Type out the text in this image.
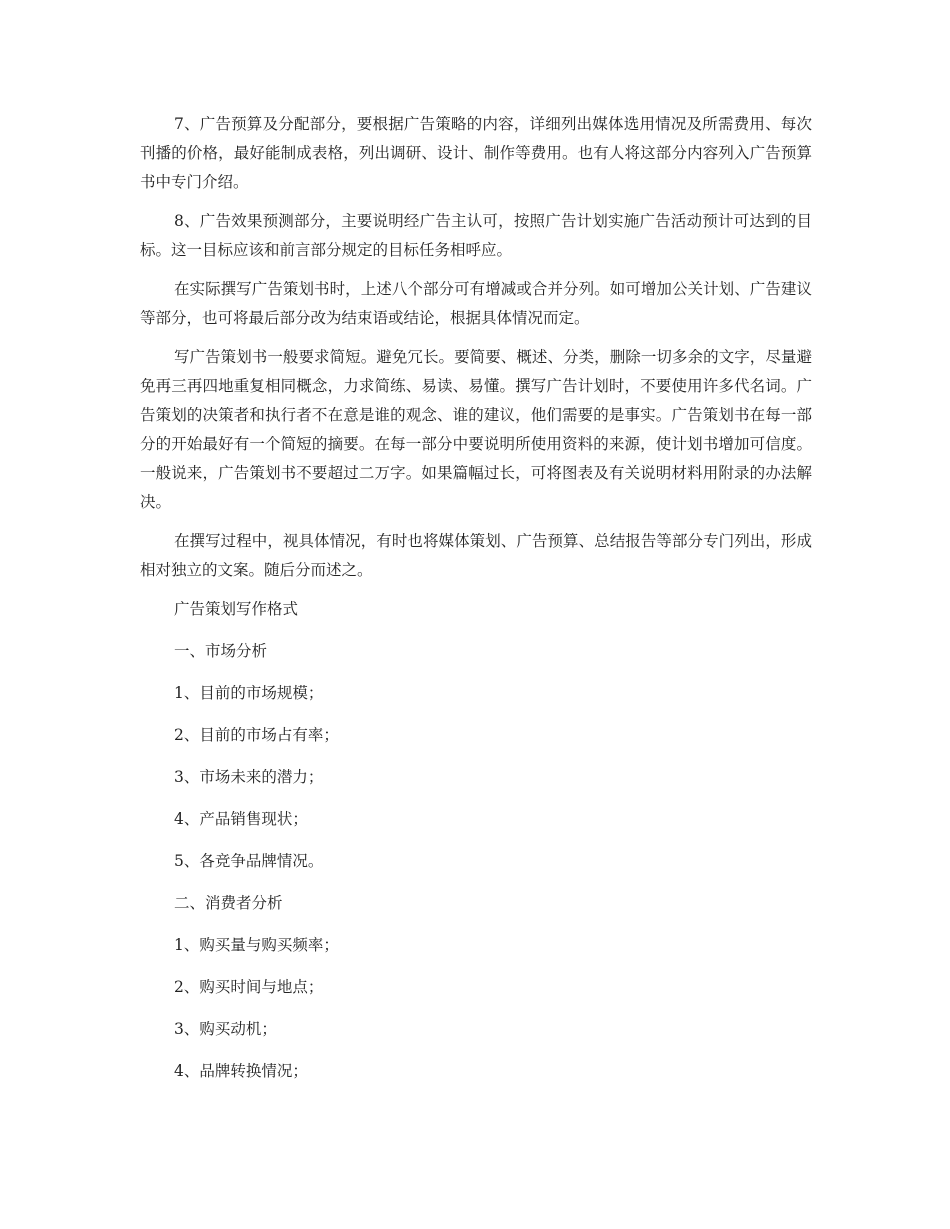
7、广告预算及分配部分，要根据广告策略的内容，详细列出媒体选用情况及所需费用、每次刊播的价格，最好能制成表格，列出调研、设计、制作等费用。也有人将这部分内容列入广告预算书中专门介绍。

8、广告效果预测部分，主要说明经广告主认可，按照广告计划实施广告活动预计可达到的目标。这一目标应该和前言部分规定的目标任务相呼应。

在实际撰写广告策划书时，上述八个部分可有增减或合并分列。如可增加公关计划、广告建议等部分，也可将最后部分改为结束语或结论，根据具体情况而定。

写广告策划书一般要求简短。避免冗长。要简要、概述、分类，删除一切多余的文字，尽量避免再三再四地重复相同概念，力求简练、易读、易懂。撰写广告计划时，不要使用许多代名词。广告策划的决策者和执行者不在意是谁的观念、谁的建议，他们需要的是事实。广告策划书在每一部分的开始最好有一个简短的摘要。在每一部分中要说明所使用资料的来源，使计划书增加可信度。一般说来，广告策划书不要超过二万字。如果篇幅过长，可将图表及有关说明材料用附录的办法解决。

在撰写过程中，视具体情况，有时也将媒体策划、广告预算、总结报告等部分专门列出，形成相对独立的文案。随后分而述之。

广告策划写作格式

一、市场分析

1、目前的市场规模；

2、目前的市场占有率；

3、市场未来的潜力；

4、产品销售现状；

5、各竞争品牌情况。

二、消费者分析

1、购买量与购买频率；

2、购买时间与地点；

3、购买动机；

4、品牌转换情况；
